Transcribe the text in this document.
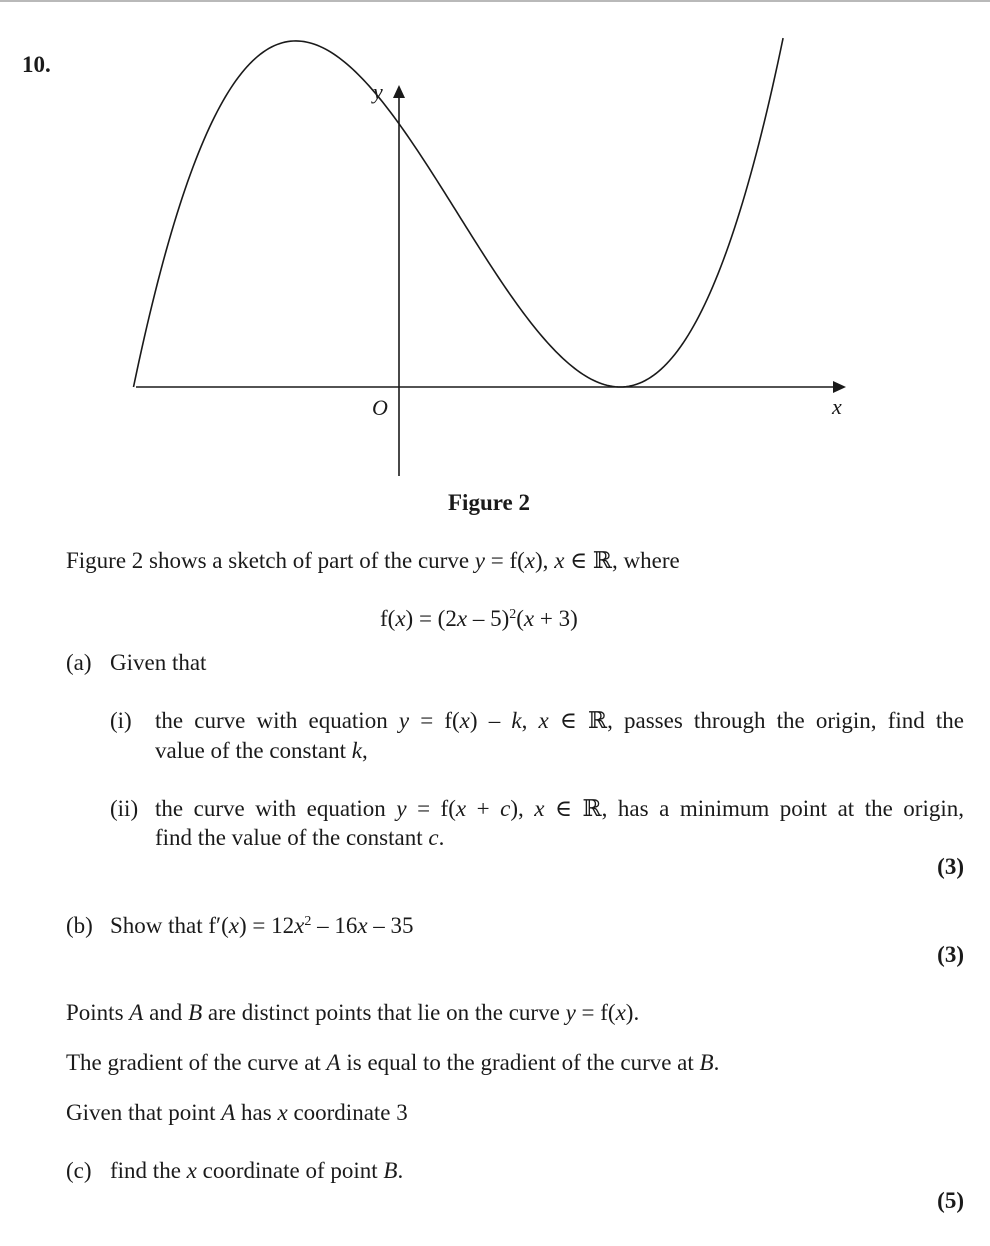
10.
y
x
O
Figure 2
Figure 2 shows a sketch of part of the curve y = f(x), x ∈ ℝ, where
f(x) = (2x – 5)$^2$(x + 3)
(a) Given that
(i) the curve with equation y = f(x) – k, x ∈ ℝ, passes through the origin, find the
value of the constant k,
(ii) the curve with equation y = f(x + c), x ∈ ℝ, has a minimum point at the origin,
find the value of the constant c.
(3)
(b) Show that $f'(x) = 12x^2 - 16x - 35$
(3)
Points A and B are distinct points that lie on the curve y = f(x).
The gradient of the curve at A is equal to the gradient of the curve at B.
Given that point A has x coordinate 3
(c) find the x coordinate of point B.
(5)
